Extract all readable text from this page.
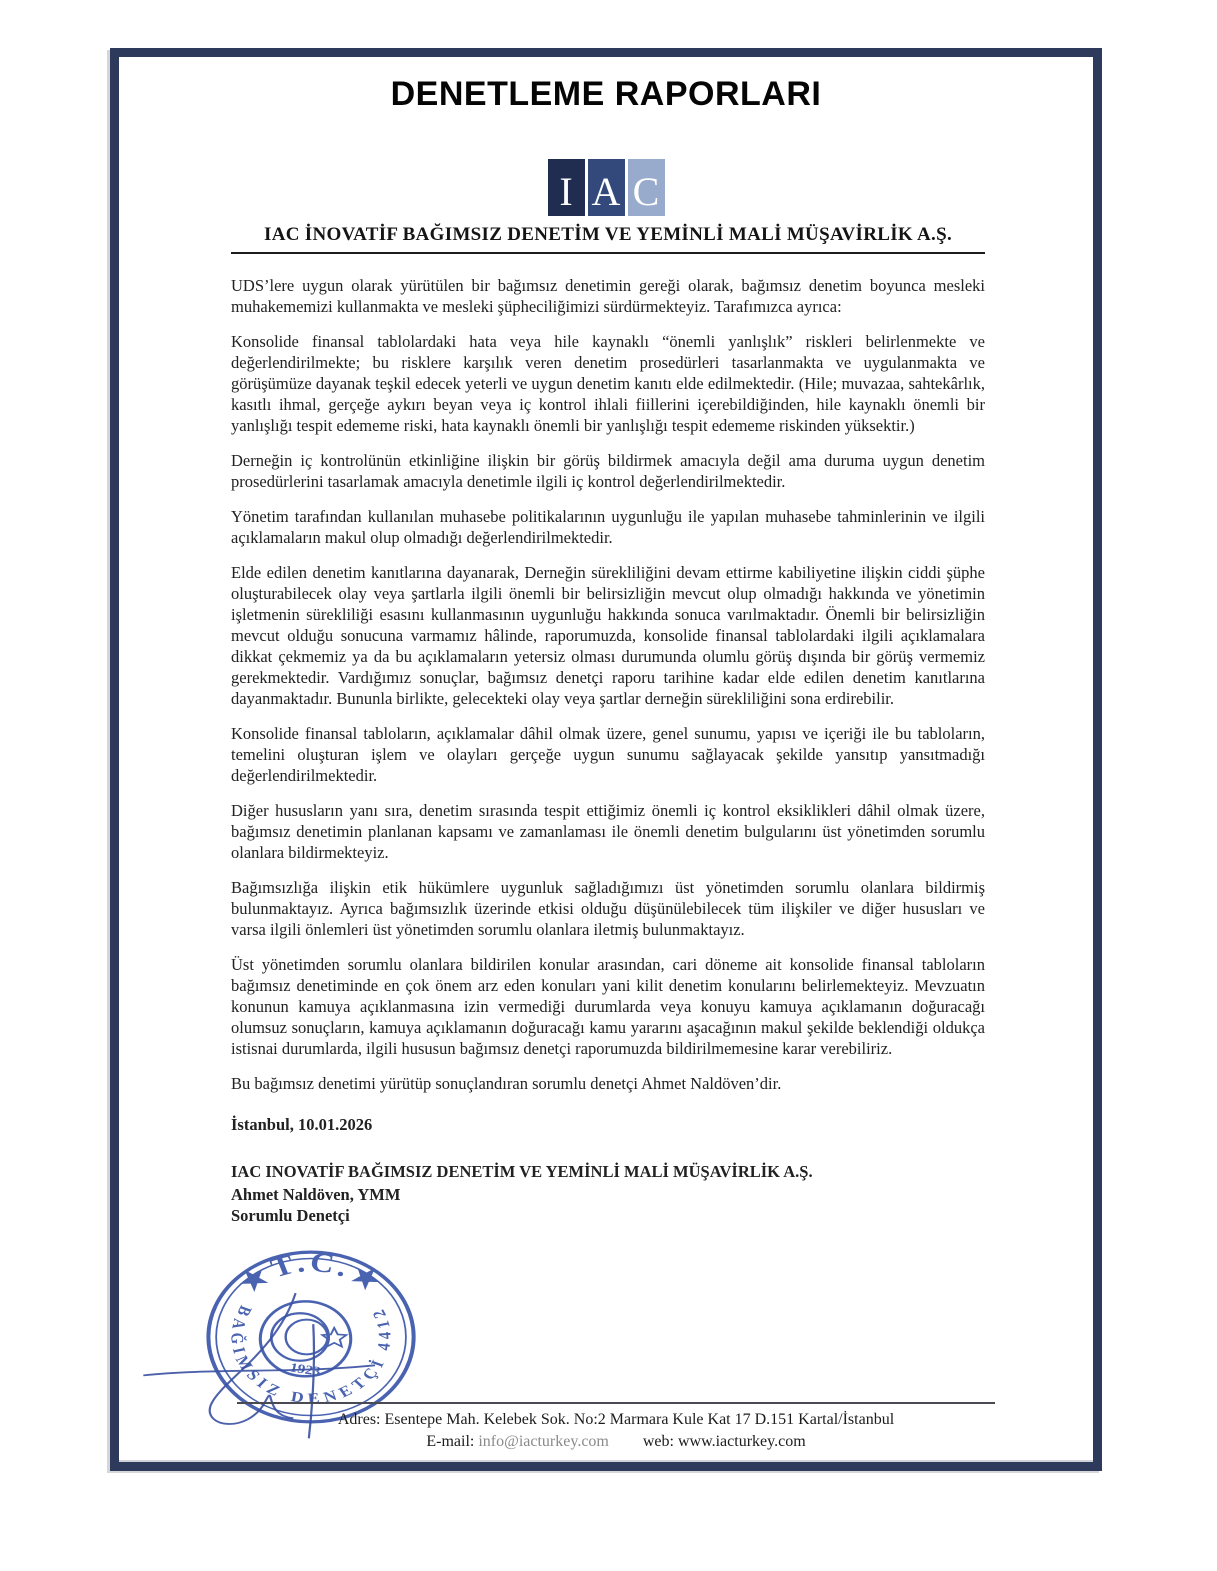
DENETLEME RAPORLARI
I A C
IAC İNOVATİF BAĞIMSIZ DENETİM VE YEMİNLİ MALİ MÜŞAVİRLİK A.Ş.

UDS’lere uygun olarak yürütülen bir bağımsız denetimin gereği olarak, bağımsız denetim boyunca mesleki muhakememizi kullanmakta ve mesleki şüpheciliğimizi sürdürmekteyiz. Tarafımızca ayrıca:

Konsolide finansal tablolardaki hata veya hile kaynaklı “önemli yanlışlık” riskleri belirlenmekte ve değerlendirilmekte; bu risklere karşılık veren denetim prosedürleri tasarlanmakta ve uygulanmakta ve görüşümüze dayanak teşkil edecek yeterli ve uygun denetim kanıtı elde edilmektedir. (Hile; muvazaa, sahtekârlık, kasıtlı ihmal, gerçeğe aykırı beyan veya iç kontrol ihlali fiillerini içerebildiğinden, hile kaynaklı önemli bir yanlışlığı tespit edememe riski, hata kaynaklı önemli bir yanlışlığı tespit edememe riskinden yüksektir.)

Derneğin iç kontrolünün etkinliğine ilişkin bir görüş bildirmek amacıyla değil ama duruma uygun denetim prosedürlerini tasarlamak amacıyla denetimle ilgili iç kontrol değerlendirilmektedir.

Yönetim tarafından kullanılan muhasebe politikalarının uygunluğu ile yapılan muhasebe tahminlerinin ve ilgili açıklamaların makul olup olmadığı değerlendirilmektedir.

Elde edilen denetim kanıtlarına dayanarak, Derneğin sürekliliğini devam ettirme kabiliyetine ilişkin ciddi şüphe oluşturabilecek olay veya şartlarla ilgili önemli bir belirsizliğin mevcut olup olmadığı hakkında ve yönetimin işletmenin sürekliliği esasını kullanmasının uygunluğu hakkında sonuca varılmaktadır. Önemli bir belirsizliğin mevcut olduğu sonucuna varmamız hâlinde, raporumuzda, konsolide finansal tablolardaki ilgili açıklamalara dikkat çekmemiz ya da bu açıklamaların yetersiz olması durumunda olumlu görüş dışında bir görüş vermemiz gerekmektedir. Vardığımız sonuçlar, bağımsız denetçi raporu tarihine kadar elde edilen denetim kanıtlarına dayanmaktadır. Bununla birlikte, gelecekteki olay veya şartlar derneğin sürekliliğini sona erdirebilir.

Konsolide finansal tabloların, açıklamalar dâhil olmak üzere, genel sunumu, yapısı ve içeriği ile bu tabloların, temelini oluşturan işlem ve olayları gerçeğe uygun sunumu sağlayacak şekilde yansıtıp yansıtmadığı değerlendirilmektedir.

Diğer hususların yanı sıra, denetim sırasında tespit ettiğimiz önemli iç kontrol eksiklikleri dâhil olmak üzere, bağımsız denetimin planlanan kapsamı ve zamanlaması ile önemli denetim bulgularını üst yönetimden sorumlu olanlara bildirmekteyiz.

Bağımsızlığa ilişkin etik hükümlere uygunluk sağladığımızı üst yönetimden sorumlu olanlara bildirmiş bulunmaktayız. Ayrıca bağımsızlık üzerinde etkisi olduğu düşünülebilecek tüm ilişkiler ve diğer hususları ve varsa ilgili önlemleri üst yönetimden sorumlu olanlara iletmiş bulunmaktayız.

Üst yönetimden sorumlu olanlara bildirilen konular arasından, cari döneme ait konsolide finansal tabloların bağımsız denetiminde en çok önem arz eden konuları yani kilit denetim konularını belirlemekteyiz. Mevzuatın konunun kamuya açıklanmasına izin vermediği durumlarda veya konuyu kamuya açıklamanın doğuracağı olumsuz sonuçların, kamuya açıklamanın doğuracağı kamu yararını aşacağının makul şekilde beklendiği oldukça istisnai durumlarda, ilgili hususun bağımsız denetçi raporumuzda bildirilmemesine karar verebiliriz.

Bu bağımsız denetimi yürütüp sonuçlandıran sorumlu denetçi Ahmet Naldöven’dir.

İstanbul, 10.01.2026

IAC INOVATİF BAĞIMSIZ DENETİM VE YEMİNLİ MALİ MÜŞAVİRLİK A.Ş.

Ahmet Naldöven, YMM

Sorumlu Denetçi

★T.C.★
BAĞIMSIZ DENETÇİ 4412
1923
Adres: Esentepe Mah. Kelebek Sok. No:2 Marmara Kule Kat 17 D.151 Kartal/İstanbul
E-mail: info@iacturkey.com web: www.iacturkey.com
